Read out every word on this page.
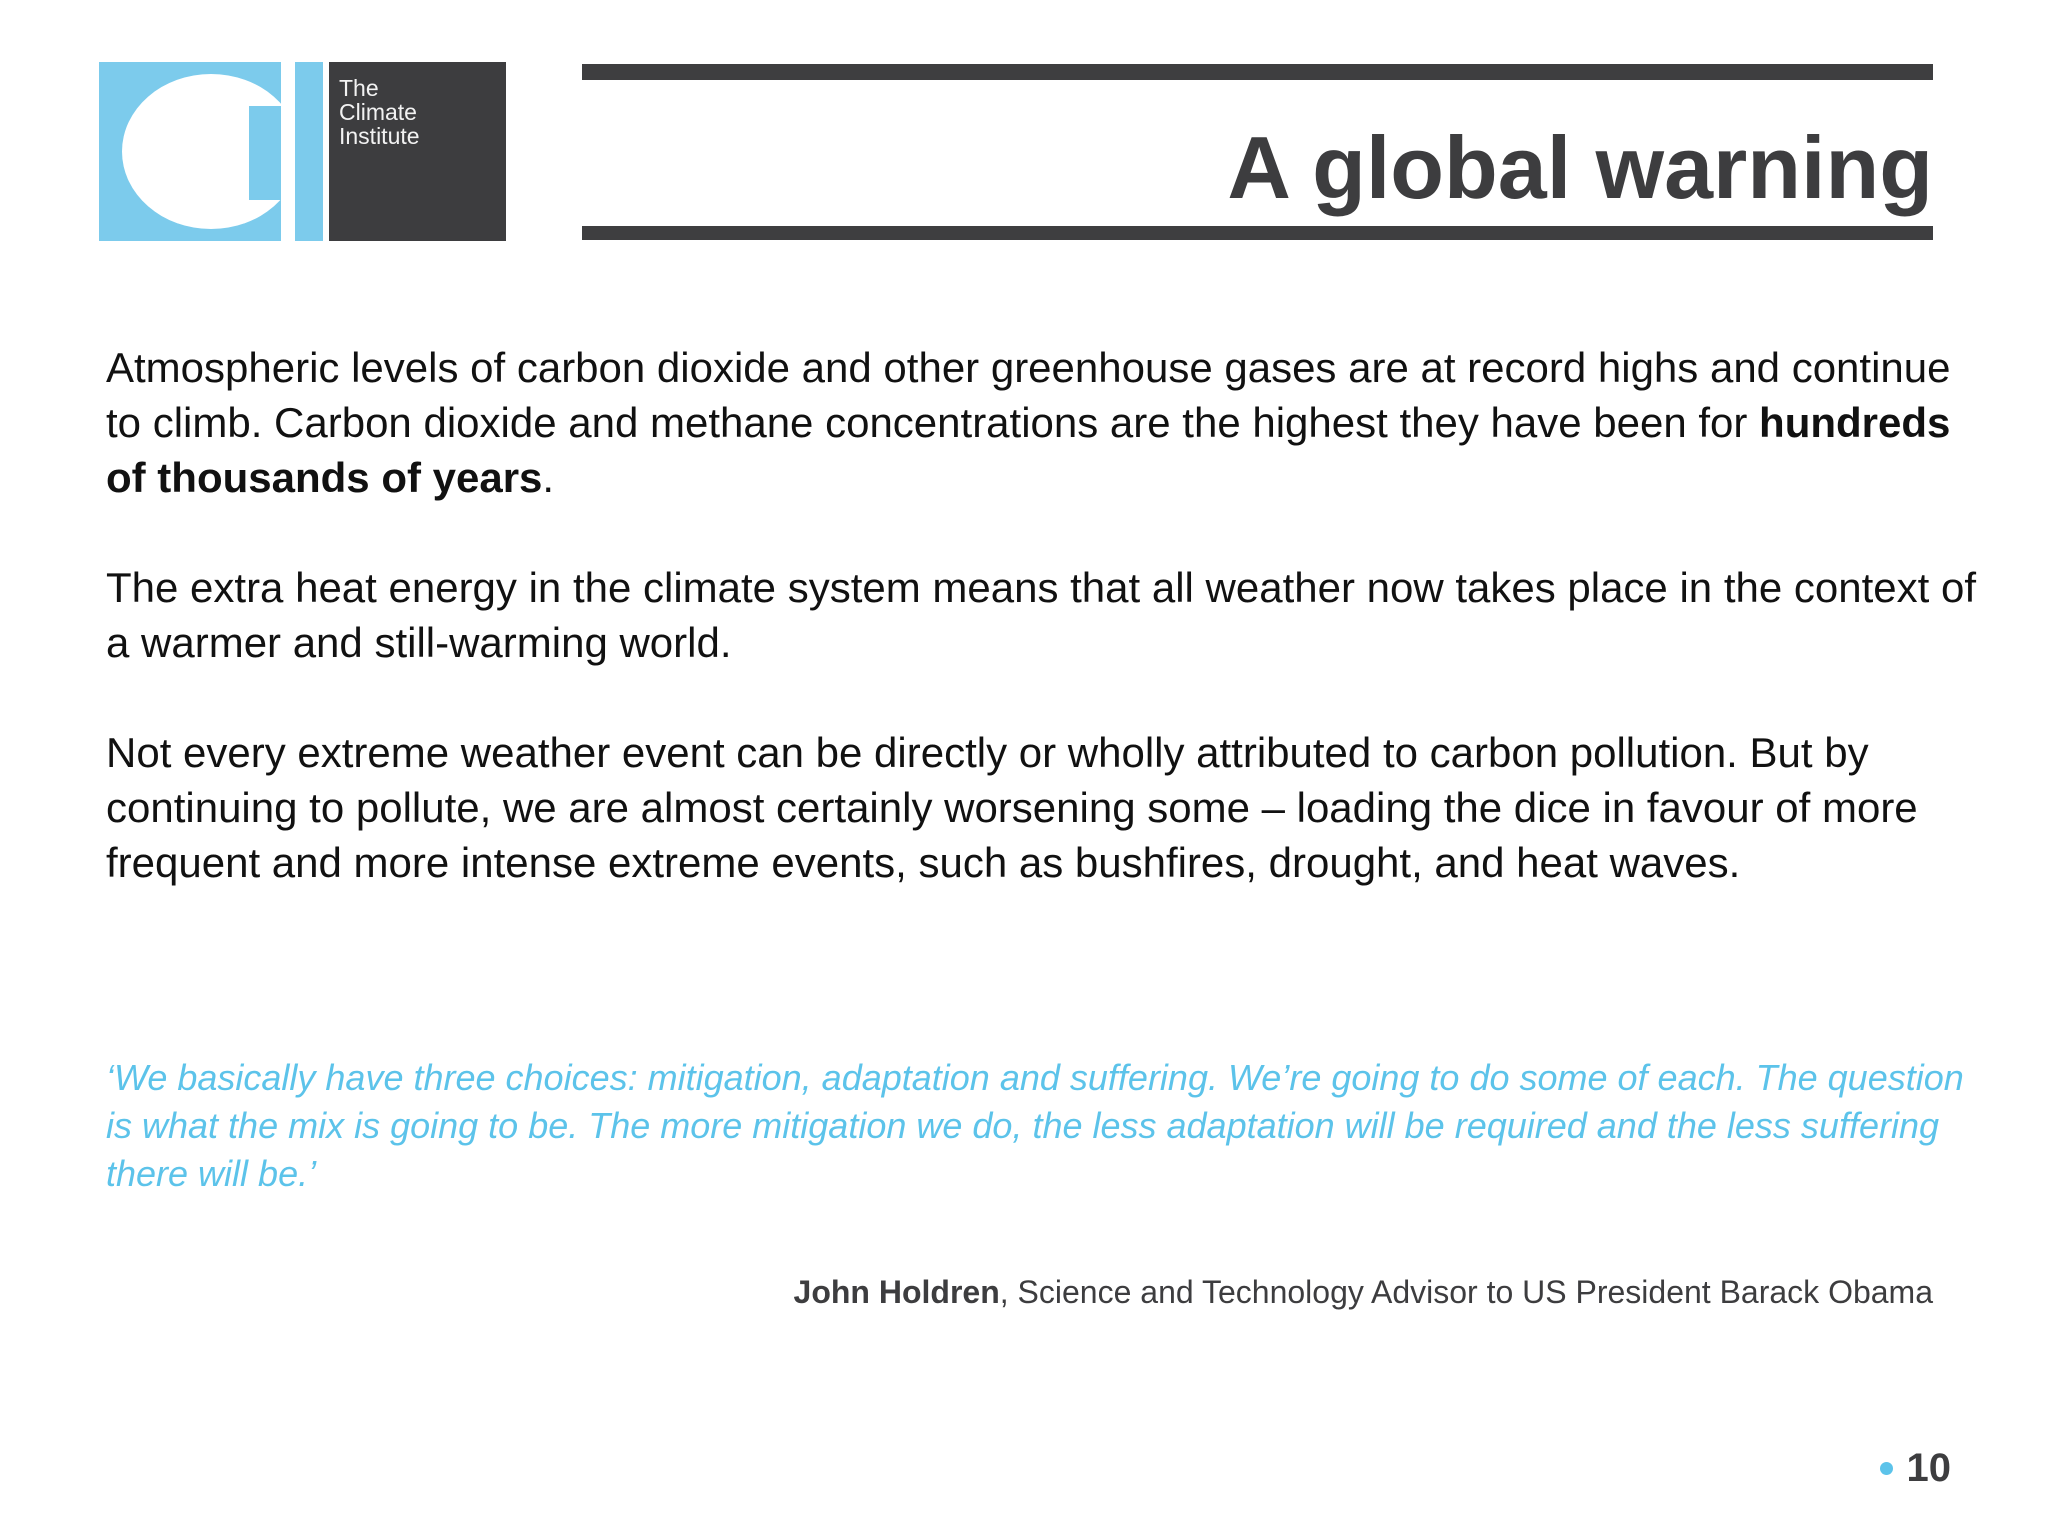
The
Climate
Institute	A global warning

Atmospheric levels of carbon dioxide and other greenhouse gases are at record highs and continue to climb. Carbon dioxide and methane concentrations are the highest they have been for hundreds of thousands of years.

The extra heat energy in the climate system means that all weather now takes place in the context of a warmer and still-warming world.

Not every extreme weather event can be directly or wholly attributed to carbon pollution. But by continuing to pollute, we are almost certainly worsening some – loading the dice in favour of more frequent and more intense extreme events, such as bushfires, drought, and heat waves.

‘We basically have three choices: mitigation, adaptation and suffering. We’re going to do some of each. The question is what the mix is going to be. The more mitigation we do, the less adaptation will be required and the less suffering there will be.’

John Holdren, Science and Technology Advisor to US President Barack Obama

10
